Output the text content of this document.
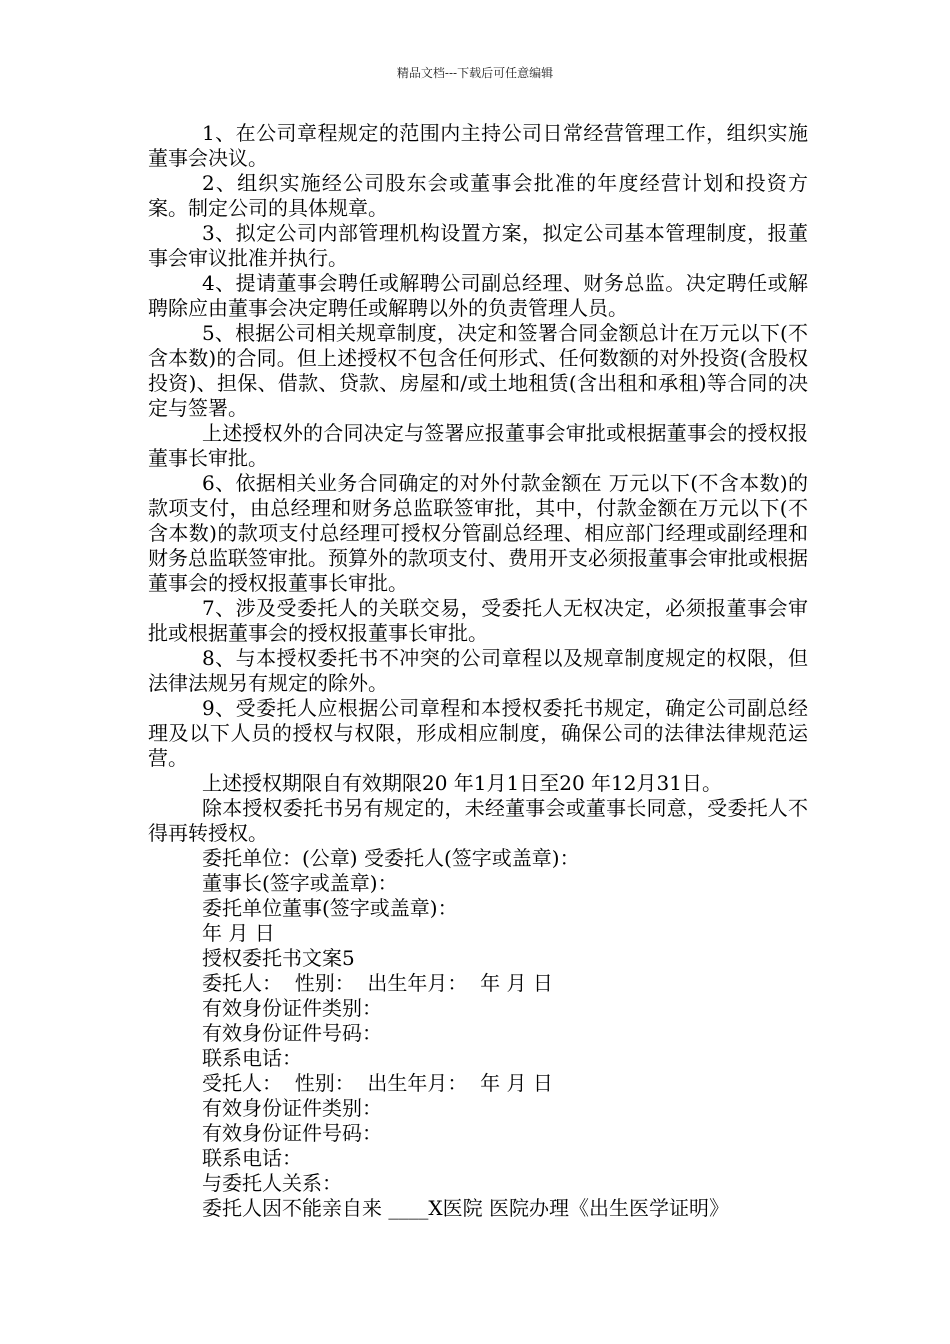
精品文档---下载后可任意编辑

1、在公司章程规定的范围内主持公司日常经营管理工作，组织实施董事会决议。

2、组织实施经公司股东会或董事会批准的年度经营计划和投资方案。制定公司的具体规章。

3、拟定公司内部管理机构设置方案，拟定公司基本管理制度，报董事会审议批准并执行。

4、提请董事会聘任或解聘公司副总经理、财务总监。决定聘任或解聘除应由董事会决定聘任或解聘以外的负责管理人员。

5、根据公司相关规章制度，决定和签署合同金额总计在万元以下(不含本数)的合同。但上述授权不包含任何形式、任何数额的对外投资(含股权投资)、担保、借款、贷款、房屋和/或土地租赁(含出租和承租)等合同的决定与签署。

上述授权外的合同决定与签署应报董事会审批或根据董事会的授权报董事长审批。

6、依据相关业务合同确定的对外付款金额在 万元以下(不含本数)的款项支付，由总经理和财务总监联签审批，其中，付款金额在万元以下(不含本数)的款项支付总经理可授权分管副总经理、相应部门经理或副经理和财务总监联签审批。预算外的款项支付、费用开支必须报董事会审批或根据董事会的授权报董事长审批。

7、涉及受委托人的关联交易，受委托人无权决定，必须报董事会审批或根据董事会的授权报董事长审批。

8、与本授权委托书不冲突的公司章程以及规章制度规定的权限，但法律法规另有规定的除外。

9、受委托人应根据公司章程和本授权委托书规定，确定公司副总经理及以下人员的授权与权限，形成相应制度，确保公司的法律法律规范运营。

上述授权期限自有效期限20 年1月1日至20 年12月31日。

除本授权委托书另有规定的，未经董事会或董事长同意，受委托人不得再转授权。

委托单位：(公章) 受委托人(签字或盖章)：
董事长(签字或盖章)：
委托单位董事(签字或盖章)：
年 月 日
授权委托书文案5
委托人：  性别：  出生年月：  年 月 日
有效身份证件类别：
有效身份证件号码：
联系电话：
受托人：  性别：  出生年月：  年 月 日
有效身份证件类别：
有效身份证件号码：
联系电话：
与委托人关系：
委托人因不能亲自来 ____X医院 医院办理《出生医学证明》
